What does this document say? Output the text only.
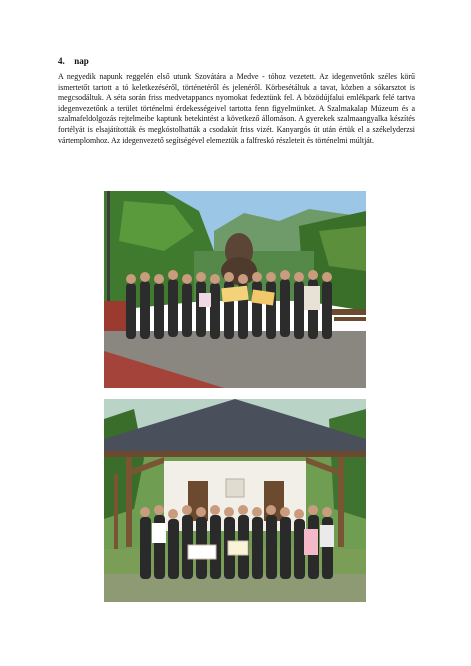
4. nap

A negyedik napunk reggelén első utunk Szovátára a Medve - tóhoz vezetett. Az idegenvetőnk széles körű ismertetőt tartott a tó keletkezéséről, történetéről és jelenéről. Körbesétáltuk a tavat, közben a sókarsztot is megcsodáltuk. A séta során friss medvetappancs nyomokat fedeztünk fel. A bözödújfalui emlékpark felé tartva idegenvezetőnk a terület történelmi érdekességeivel tartotta fenn figyelmünket. A Szalmakalap Múzeum és a szalmafeldolgozás rejtelmeibe kaptunk betekintést a következő állomáson. A gyerekek szalmaangyalka készítés fortélyát is elsajátították és megkóstolhatták a csodakút friss vizét. Kanyargós út után értük el a székelyderzsi vártemplomhoz. Az idegenvezető segítségével elemeztük a falfreskó részleteit és történelmi múltját.
